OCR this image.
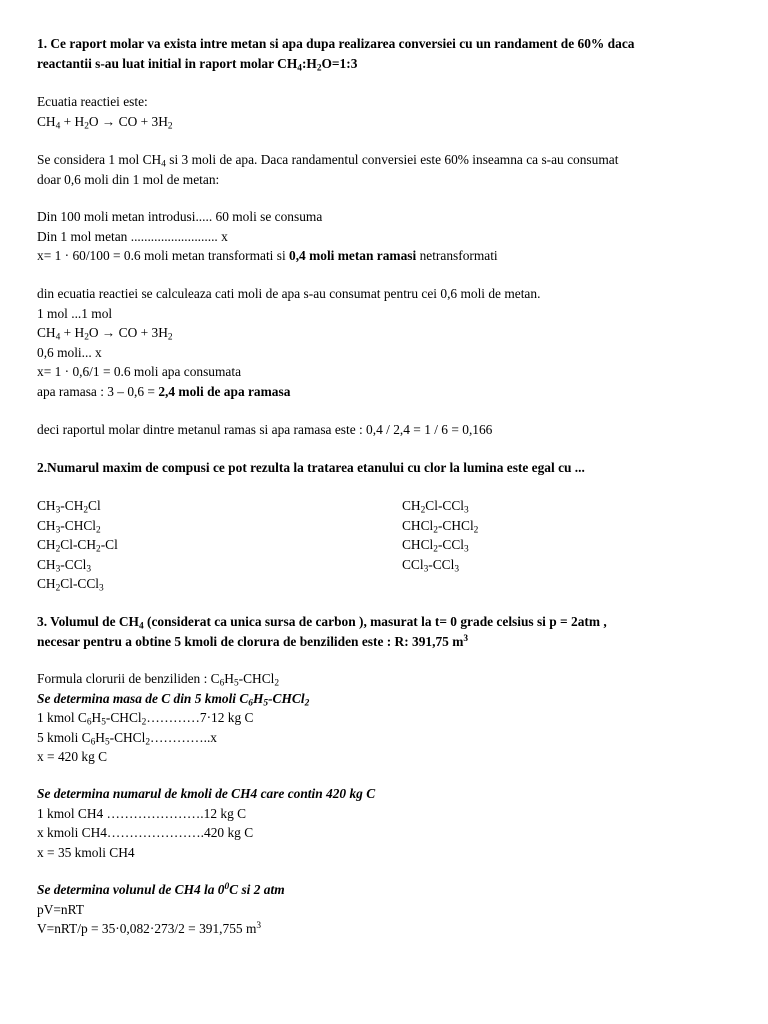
1. Ce raport molar va exista intre metan si apa dupa realizarea conversiei cu un randament de 60% daca
reactantii s-au luat initial in raport molar $CH_4:H_2O=1:3$
Ecuatia reactiei este:
$CH_4 + H_2O$ → CO + $3H_2$
Se considera 1 mol $CH_4$ si 3 moli de apa. Daca randamentul conversiei este 60% inseamna ca s-au consumat
doar 0,6 moli din 1 mol de metan:
Din 100 moli metan introdusi..... 60 moli se consuma
Din 1 mol metan .......................... x
x= 1 · 60/100 = 0.6 moli metan transformati si 0,4 moli metan ramasi netransformati
din ecuatia reactiei se calculeaza cati moli de apa s-au consumat pentru cei 0,6 moli de metan.
1 mol ...1 mol
$CH_4 + H_2O$ → CO + $3H_2$
0,6 moli... x
x= 1 · 0,6/1 = 0.6 moli apa consumata
apa ramasa : 3 – 0,6 = 2,4 moli de apa ramasa
deci raportul molar dintre metanul ramas si apa ramasa este : 0,4 / 2,4 = 1 / 6 = 0,166
2.Numarul maxim de compusi ce pot rezulta la tratarea etanului cu clor la lumina este egal cu ...
$CH_3-CH_2Cl$
$CH_3-CHCl_2$
$CH_2Cl-CH_2-Cl$
$CH_3-CCl_3$
$CH_2Cl-CCl_3$
$CH_2Cl-CCl_3$
CHCl$_2$-CHCl$_2$
CHCl$_2$-CCl$_3$
CCl$_3$-CCl$_3$
3. Volumul de $CH_4$ (considerat ca unica sursa de carbon ), masurat la t= 0 grade celsius si p = 2atm ,
necesar pentru a obtine 5 kmoli de clorura de benziliden este : R: 391,75 $m^3$
Formula clorurii de benziliden : $C_6H_5-CHCl_2$
Se determina masa de C din 5 kmoli $C_6H_5-CHCl_2$
1 kmol $C_6H_5-CHCl_2\dots\dots\dots\dots 7\cdot 12$ kg C
5 kmoli $C_6H_5-CHCl_2\dots\dots\dots\dots..x$
x = 420 kg C
Se determina numarul de kmoli de CH4 care contin 420 kg C
1 kmol CH4 ………………….12 kg C
x kmoli CH4………………….420 kg C
x = 35 kmoli CH4
Se determina volunul de CH4 la $0^0C$ si 2 atm
pV=nRT
V=nRT/p = 35·0,082·273/2 = 391,755 $m^3$
